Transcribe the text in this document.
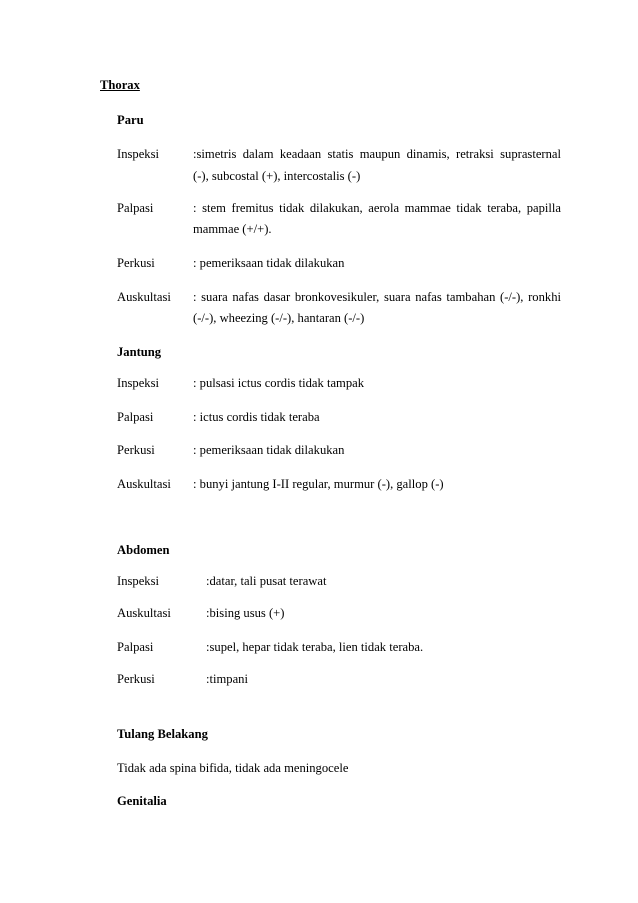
Thorax
Paru
Inspeksi	:simetris dalam keadaan statis maupun dinamis, retraksi suprasternal
(-), subcostal (+), intercostalis (-)
Palpasi	: stem fremitus tidak dilakukan, aerola mammae tidak teraba, papilla
mammae (+/+).
Perkusi	: pemeriksaan tidak dilakukan
Auskultasi : suara nafas dasar bronkovesikuler, suara nafas tambahan (-/-), ronkhi
(-/-), wheezing (-/-), hantaran (-/-)
Jantung
Inspeksi	: pulsasi ictus cordis tidak tampak
Palpasi	: ictus cordis tidak teraba
Perkusi	: pemeriksaan tidak dilakukan
Auskultasi : bunyi jantung I-II regular, murmur (-), gallop (-)
Abdomen
Inspeksi	:datar, tali pusat terawat
Auskultasi	:bising usus (+)
Palpasi	:supel, hepar tidak teraba, lien tidak teraba.
Perkusi	:timpani
Tulang Belakang
Tidak ada spina bifida, tidak ada meningocele
Genitalia
